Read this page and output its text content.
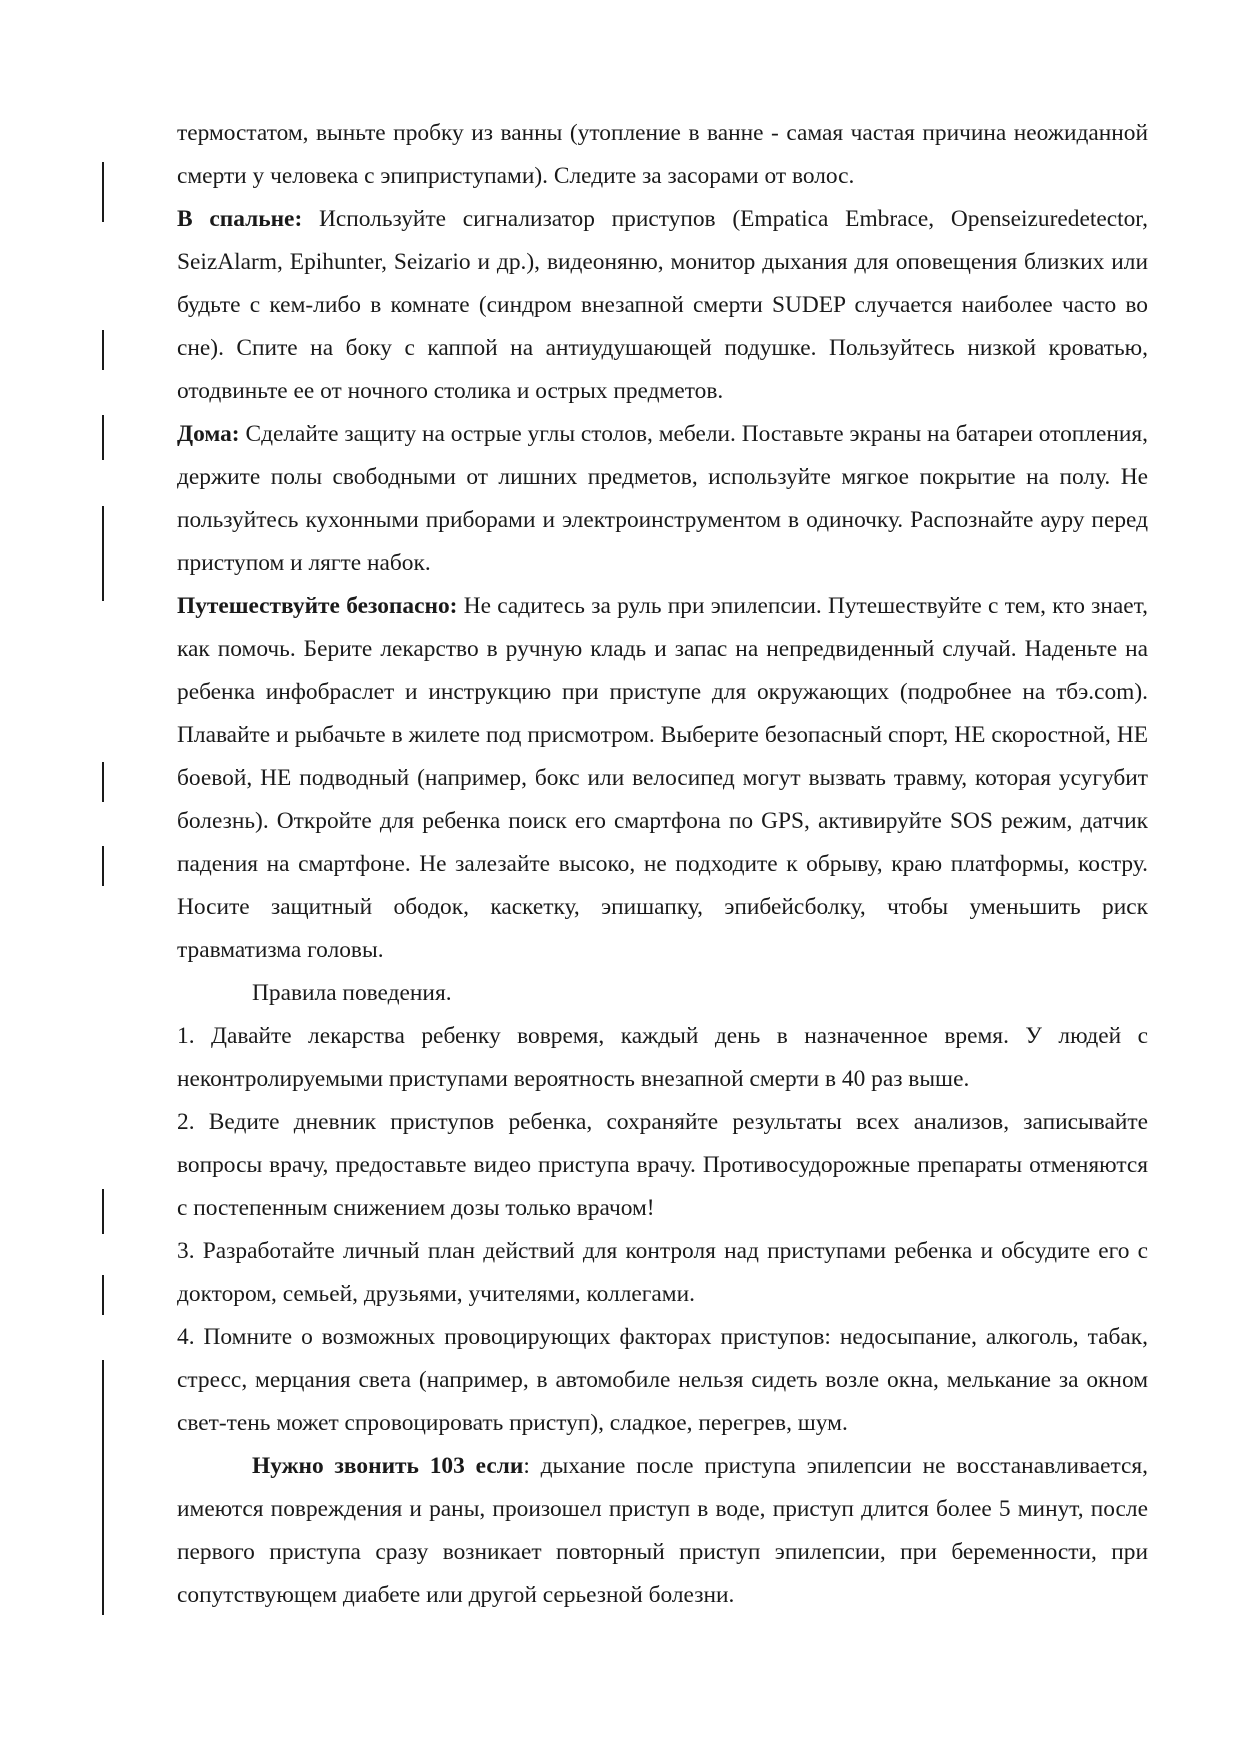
термостатом, выньте пробку из ванны (утопление в ванне - самая частая причина неожиданной смерти у человека с эпиприступами). Следите за засорами от волос.

В спальне: Используйте сигнализатор приступов (Empatica Embrace, Openseizuredetector, SeizAlarm, Epihunter, Seizario и др.), видеоняню, монитор дыхания для оповещения близких или будьте с кем-либо в комнате (синдром внезапной смерти SUDEP случается наиболее часто во сне). Спите на боку с каппой на антиудушающей подушке. Пользуйтесь низкой кроватью, отодвиньте ее от ночного столика и острых предметов.

Дома: Сделайте защиту на острые углы столов, мебели. Поставьте экраны на батареи отопления, держите полы свободными от лишних предметов, используйте мягкое покрытие на полу. Не пользуйтесь кухонными приборами и электроинструментом в одиночку. Распознайте ауру перед приступом и лягте набок.

Путешествуйте безопасно: Не садитесь за руль при эпилепсии. Путешествуйте с тем, кто знает, как помочь. Берите лекарство в ручную кладь и запас на непредвиденный случай. Наденьте на ребенка инфобраслет и инструкцию при приступе для окружающих (подробнее на тбэ.com). Плавайте и рыбачьте в жилете под присмотром. Выберите безопасный спорт, НЕ скоростной, НЕ боевой, НЕ подводный (например, бокс или велосипед могут вызвать травму, которая усугубит болезнь). Откройте для ребенка поиск его смартфона по GPS, активируйте SOS режим, датчик падения на смартфоне. Не залезайте высоко, не подходите к обрыву, краю платформы, костру. Носите защитный ободок, каскетку, эпишапку, эпибейсболку, чтобы уменьшить риск травматизма головы.

Правила поведения.

1. Давайте лекарства ребенку вовремя, каждый день в назначенное время. У людей с неконтролируемыми приступами вероятность внезапной смерти в 40 раз выше.

2. Ведите дневник приступов ребенка, сохраняйте результаты всех анализов, записывайте вопросы врачу, предоставьте видео приступа врачу. Противосудорожные препараты отменяются с постепенным снижением дозы только врачом!

3. Разработайте личный план действий для контроля над приступами ребенка и обсудите его с доктором, семьей, друзьями, учителями, коллегами.

4. Помните о возможных провоцирующих факторах приступов: недосыпание, алкоголь, табак, стресс, мерцания света (например, в автомобиле нельзя сидеть возле окна, мелькание за окном свет-тень может спровоцировать приступ), сладкое, перегрев, шум.

Нужно звонить 103 если: дыхание после приступа эпилепсии не восстанавливается, имеются повреждения и раны, произошел приступ в воде, приступ длится более 5 минут, после первого приступа сразу возникает повторный приступ эпилепсии, при беременности, при сопутствующем диабете или другой серьезной болезни.
